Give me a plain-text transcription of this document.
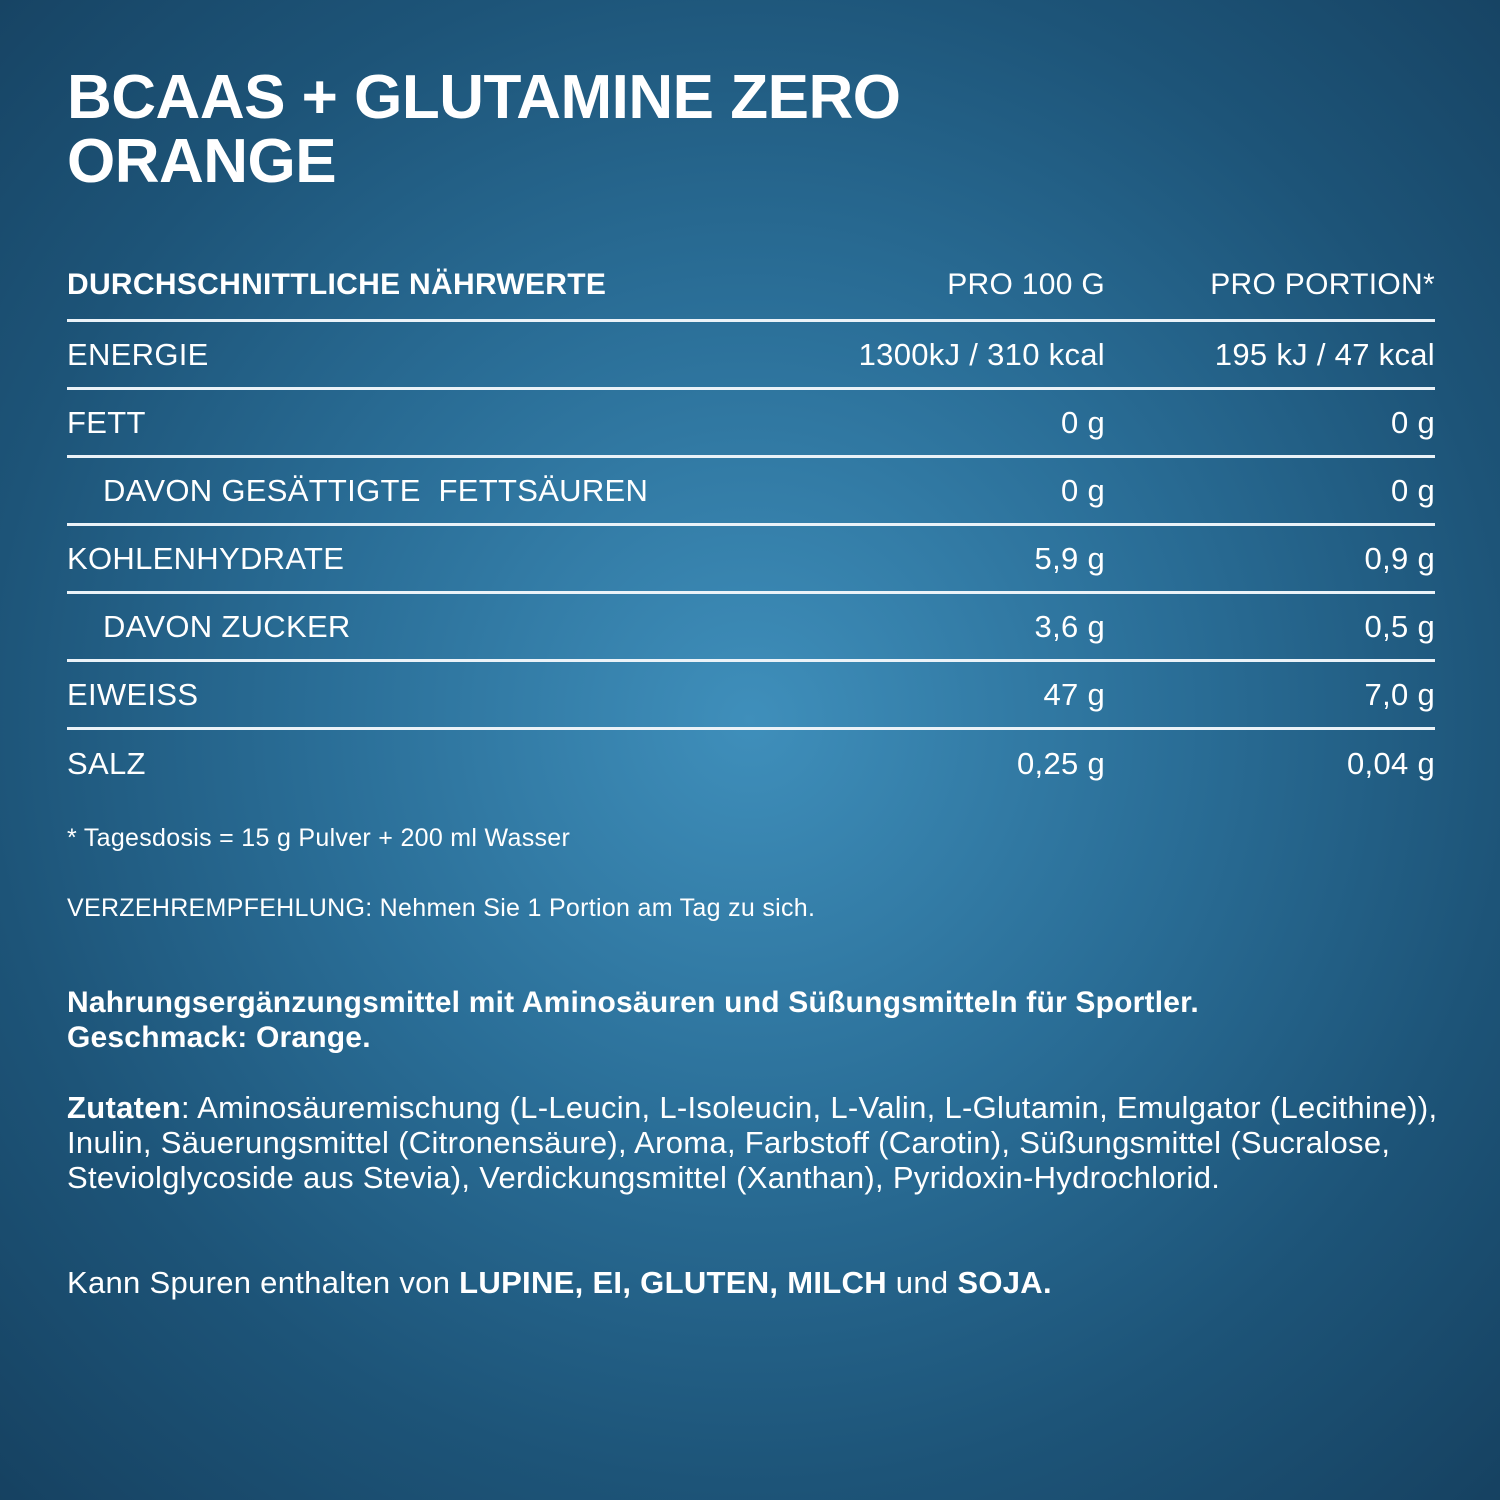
BCAAS + GLUTAMINE ZERO
ORANGE
DURCHSCHNITTLICHE NÄHRWERTE	PRO 100 G	PRO PORTION*
ENERGIE	1300kJ / 310 kcal	195 kJ / 47 kcal
FETT	0 g	0 g
DAVON GESÄTTIGTE  FETTSÄUREN	0 g	0 g
KOHLENHYDRATE	5,9 g	0,9 g
DAVON ZUCKER	3,6 g	0,5 g
EIWEISS	47 g	7,0 g
SALZ	0,25 g	0,04 g
* Tagesdosis = 15 g Pulver + 200 ml Wasser
VERZEHREMPFEHLUNG: Nehmen Sie 1 Portion am Tag zu sich.
Nahrungsergänzungsmittel mit Aminosäuren und Süßungsmitteln für Sportler.
Geschmack: Orange.
Zutaten: Aminosäuremischung (L-Leucin, L-Isoleucin, L-Valin, L-Glutamin, Emulgator (Lecithine)), Inulin, Säuerungsmittel (Citronensäure), Aroma, Farbstoff (Carotin), Süßungsmittel (Sucralose, Steviolglycoside aus Stevia), Verdickungsmittel (Xanthan), Pyridoxin-Hydrochlorid.
Kann Spuren enthalten von LUPINE, EI, GLUTEN, MILCH und SOJA.
